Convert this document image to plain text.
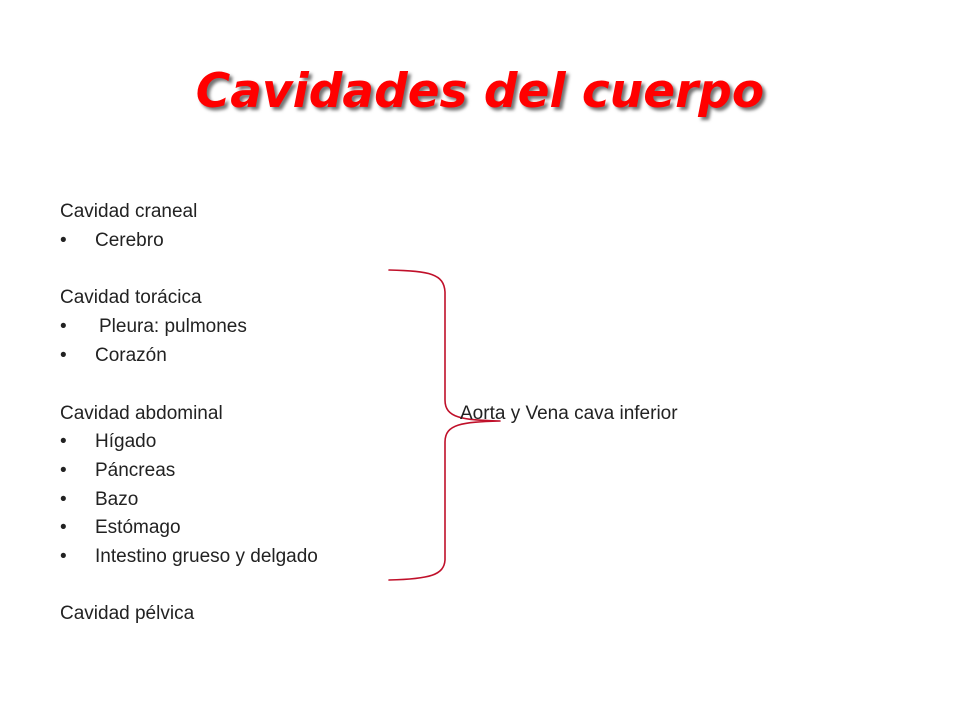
Cavidades del cuerpo
Cavidad craneal
• Cerebro
Cavidad torácica
• Pleura: pulmones
• Corazón
Cavidad abdominal
• Hígado
• Páncreas
• Bazo
• Estómago
• Intestino grueso y delgado
Cavidad pélvica
Aorta y Vena cava inferior
